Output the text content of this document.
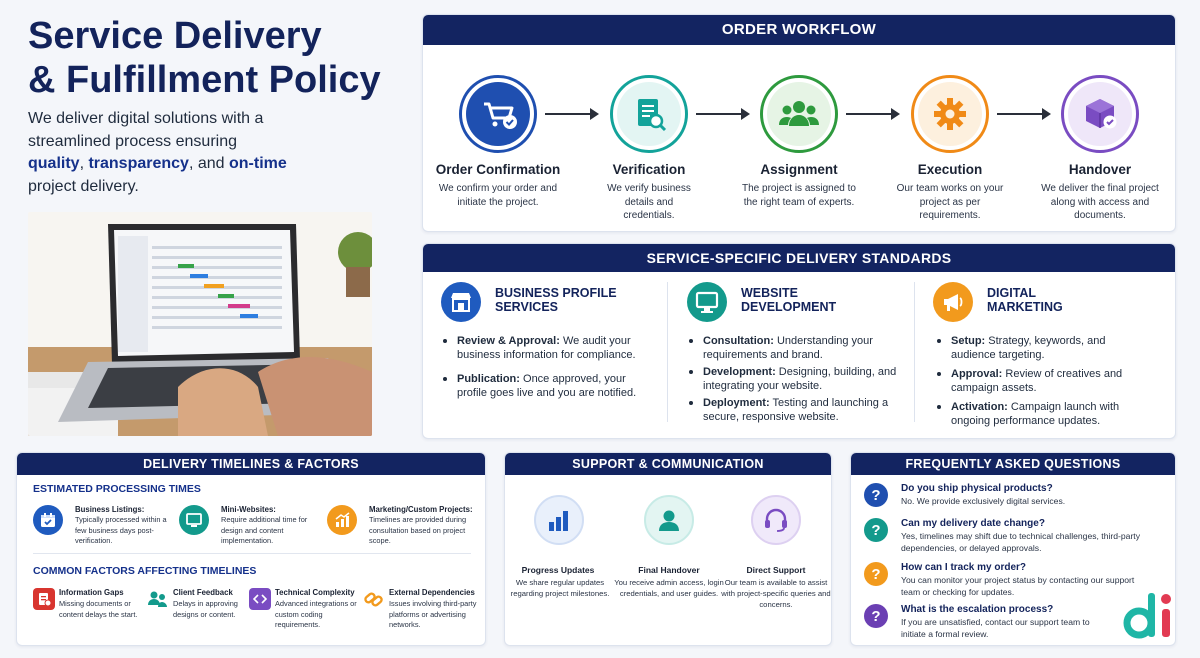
Service Delivery
& Fulfillment Policy
We deliver digital solutions with a streamlined process ensuring quality, transparency, and on-time project delivery.
ORDER WORKFLOW
Order Confirmation
We confirm your order and initiate the project.
Verification
We verify business details and credentials.
Assignment
The project is assigned to the right team of experts.
Execution
Our team works on your project as per requirements.
Handover
We deliver the final project along with access and documents.
SERVICE-SPECIFIC DELIVERY STANDARDS
BUSINESS PROFILE
SERVICES
Review & Approval: We audit your business information for compliance.
Publication: Once approved, your profile goes live and you are notified.
WEBSITE
DEVELOPMENT
Consultation: Understanding your requirements and brand.
Development: Designing, building, and integrating your website.
Deployment: Testing and launching a secure, responsive website.
DIGITAL
MARKETING
Setup: Strategy, keywords, and audience targeting.
Approval: Review of creatives and campaign assets.
Activation: Campaign launch with ongoing performance updates.
DELIVERY TIMELINES & FACTORS
ESTIMATED PROCESSING TIMES
Business Listings:
Typically processed within a few business days post-verification.
Mini-Websites:
Require additional time for design and content implementation.
Marketing/Custom Projects:
Timelines are provided during consultation based on project scope.
COMMON FACTORS AFFECTING TIMELINES
Information Gaps
Missing documents or content delays the start.
Client Feedback
Delays in approving designs or content.
Technical Complexity
Advanced integrations or custom coding requirements.
External Dependencies
Issues involving third-party platforms or advertising networks.
SUPPORT & COMMUNICATION
Progress Updates
We share regular updates regarding project milestones.
Final Handover
You receive admin access, login credentials, and user guides.
Direct Support
Our team is available to assist with project-specific queries and concerns.
FREQUENTLY ASKED QUESTIONS
?	Do you ship physical products?
No. We provide exclusively digital services.
?	Can my delivery date change?
Yes, timelines may shift due to technical challenges, third-party dependencies, or delayed approvals.
?	How can I track my order?
You can monitor your project status by contacting our support team or checking for updates.
?	What is the escalation process?
If you are unsatisfied, contact our support team to initiate a formal review.
